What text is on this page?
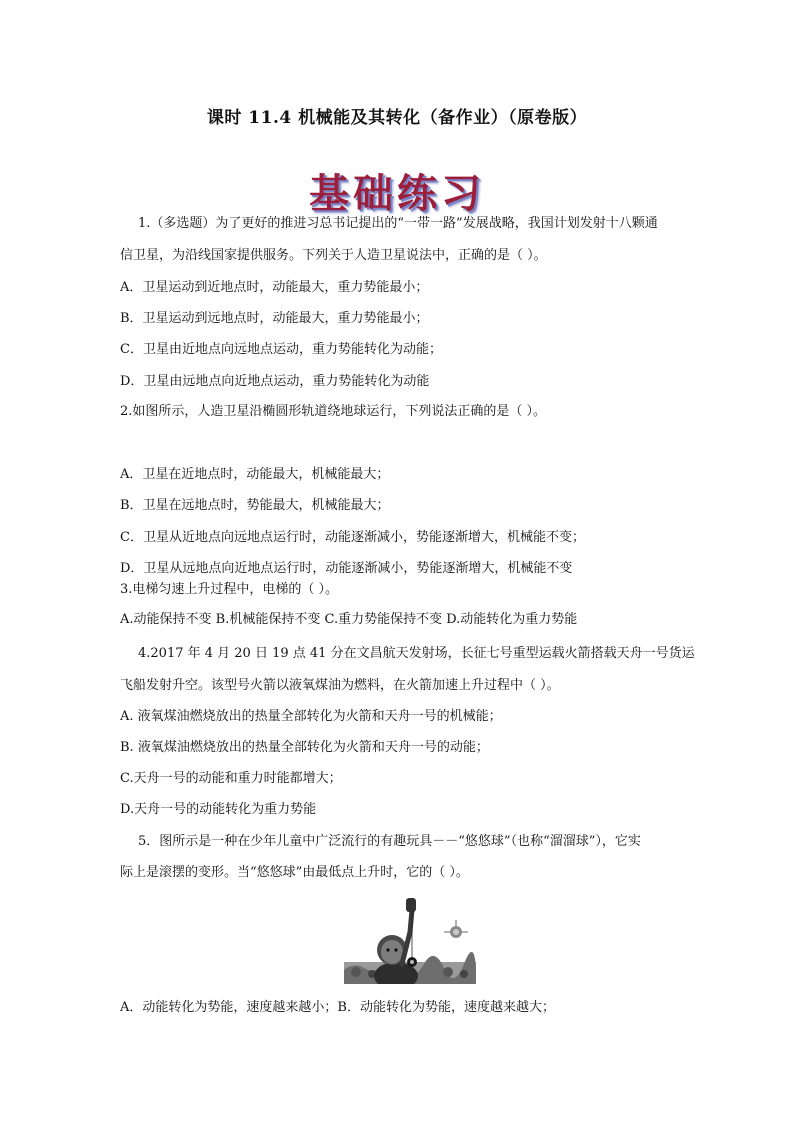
课时 11.4 机械能及其转化（备作业）（原卷版）
基础练习
1.（多选题）为了更好的推进习总书记提出的“一带一路”发展战略，我国计划发射十八颗通
信卫星，为沿线国家提供服务。下列关于人造卫星说法中，正确的是（ ）。
A．卫星运动到近地点时，动能最大，重力势能最小；
B．卫星运动到远地点时，动能最大，重力势能最小；
C．卫星由近地点向远地点运动，重力势能转化为动能；
D．卫星由远地点向近地点运动，重力势能转化为动能
2.如图所示，人造卫星沿椭圆形轨道绕地球运行，下列说法正确的是（ ）。
A．卫星在近地点时，动能最大，机械能最大；
B．卫星在远地点时，势能最大，机械能最大；
C．卫星从近地点向远地点运行时，动能逐渐减小，势能逐渐增大，机械能不变；
D．卫星从远地点向近地点运行时，动能逐渐减小，势能逐渐增大，机械能不变
3.电梯匀速上升过程中，电梯的（ ）。
A.动能保持不变 B.机械能保持不变 C.重力势能保持不变 D.动能转化为重力势能
4.2017 年 4 月 20 日 19 点 41 分在文昌航天发射场，长征七号重型运载火箭搭载天舟一号货运
飞船发射升空。该型号火箭以液氧煤油为燃料，在火箭加速上升过程中（ ）。
A. 液氧煤油燃烧放出的热量全部转化为火箭和天舟一号的机械能；
B. 液氧煤油燃烧放出的热量全部转化为火箭和天舟一号的动能；
C.天舟一号的动能和重力时能都增大；
D.天舟一号的动能转化为重力势能
5．图所示是一种在少年儿童中广泛流行的有趣玩具－－“悠悠球”（也称“溜溜球”），它实
际上是滚摆的变形。当“悠悠球”由最低点上升时，它的（ ）。
A．动能转化为势能，速度越来越小；B．动能转化为势能，速度越来越大；
